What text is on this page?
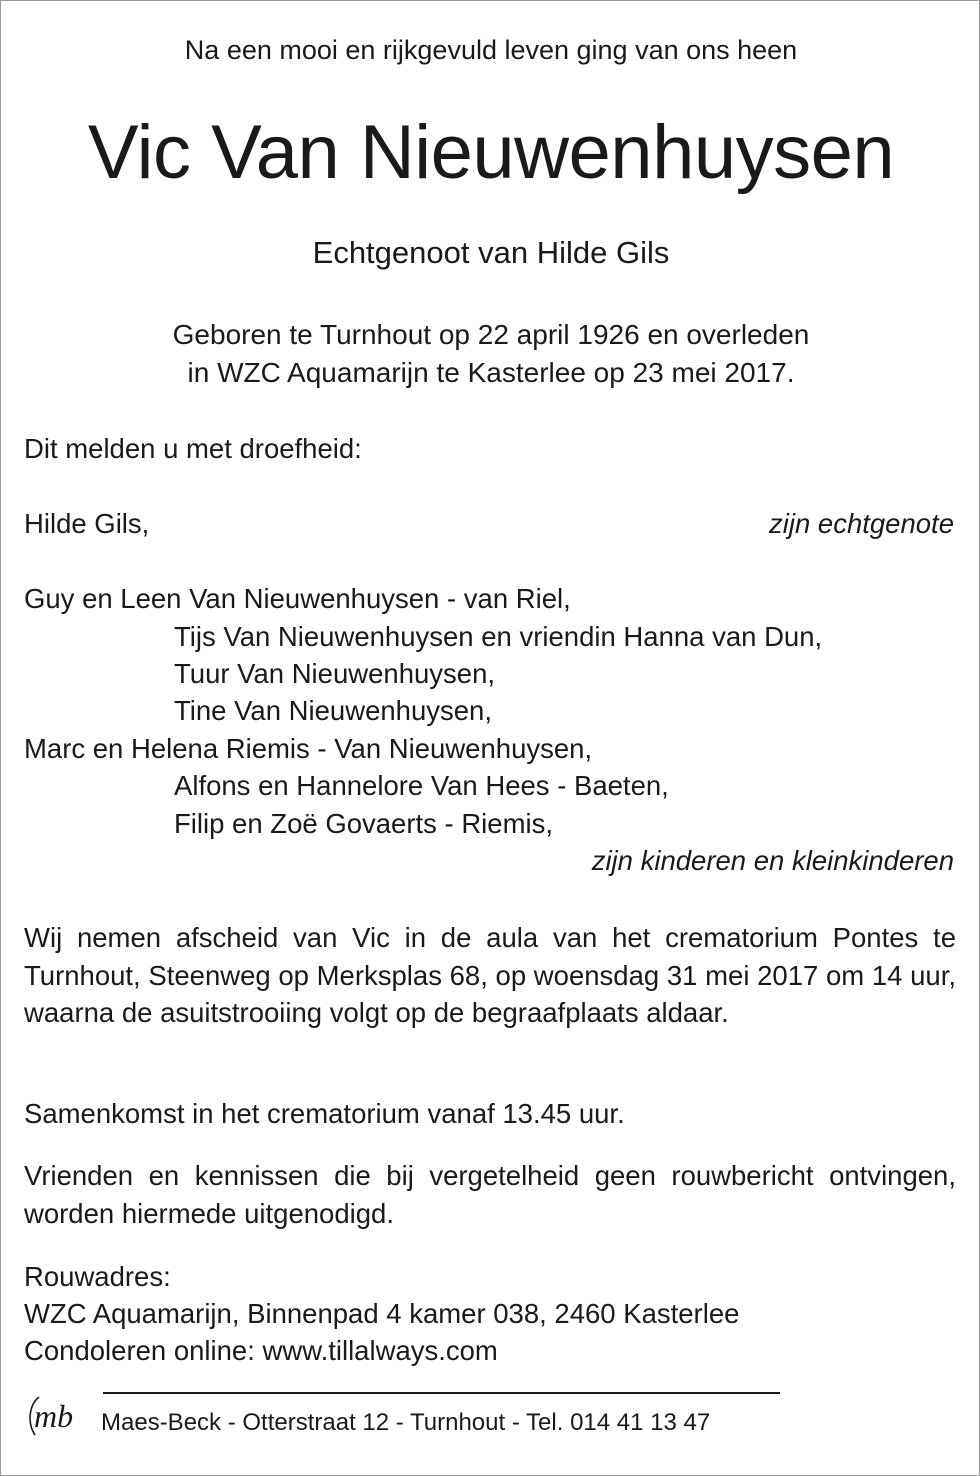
Na een mooi en rijkgevuld leven ging van ons heen
Vic Van Nieuwenhuysen
Echtgenoot van Hilde Gils
Geboren te Turnhout op 22 april 1926 en overleden
in WZC Aquamarijn te Kasterlee op 23 mei 2017.
Dit melden u met droefheid:
Hilde Gils,	zijn echtgenote
Guy en Leen Van Nieuwenhuysen - van Riel,
Tijs Van Nieuwenhuysen en vriendin Hanna van Dun,
Tuur Van Nieuwenhuysen,
Tine Van Nieuwenhuysen,
Marc en Helena Riemis - Van Nieuwenhuysen,
Alfons en Hannelore Van Hees - Baeten,
Filip en Zoë Govaerts - Riemis,
zijn kinderen en kleinkinderen
Wij nemen afscheid van Vic in de aula van het crematorium Pontes te Turnhout, Steenweg op Merksplas 68, op woensdag 31 mei 2017 om 14 uur, waarna de asuitstrooiing volgt op de begraafplaats aldaar.
Samenkomst in het crematorium vanaf 13.45 uur.
Vrienden en kennissen die bij vergetelheid geen rouwbericht ontvingen, worden hiermede uitgenodigd.
Rouwadres:
WZC Aquamarijn, Binnenpad 4 kamer 038, 2460 Kasterlee
Condoleren online: www.tillalways.com
mb Maes-Beck - Otterstraat 12 - Turnhout - Tel. 014 41 13 47
